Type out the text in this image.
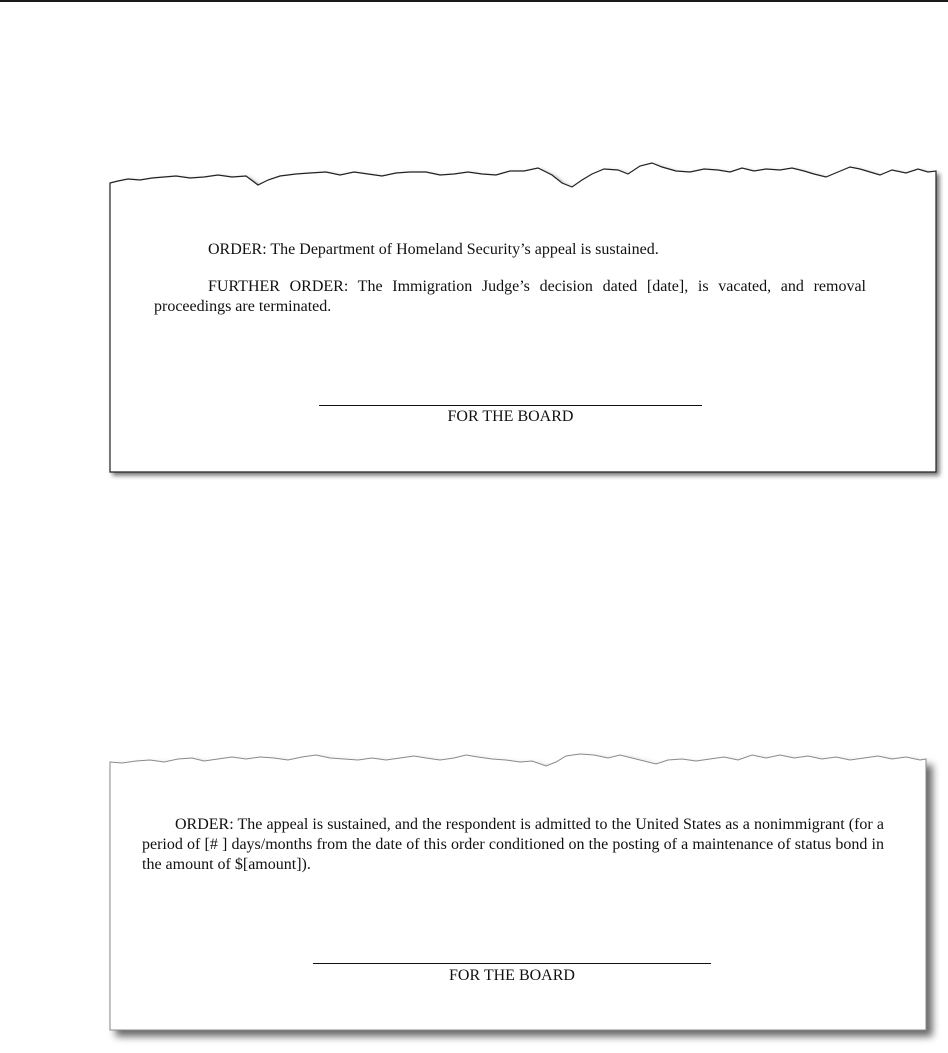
ORDER: The Department of Homeland Security’s appeal is sustained.

FURTHER ORDER: The Immigration Judge’s decision dated [date], is vacated, and removal proceedings are terminated.

FOR THE BOARD

ORDER: The appeal is sustained, and the respondent is admitted to the United States as a nonimmigrant (for a period of [# ] days/months from the date of this order conditioned on the posting of a maintenance of status bond in the amount of $[amount]).

FOR THE BOARD
